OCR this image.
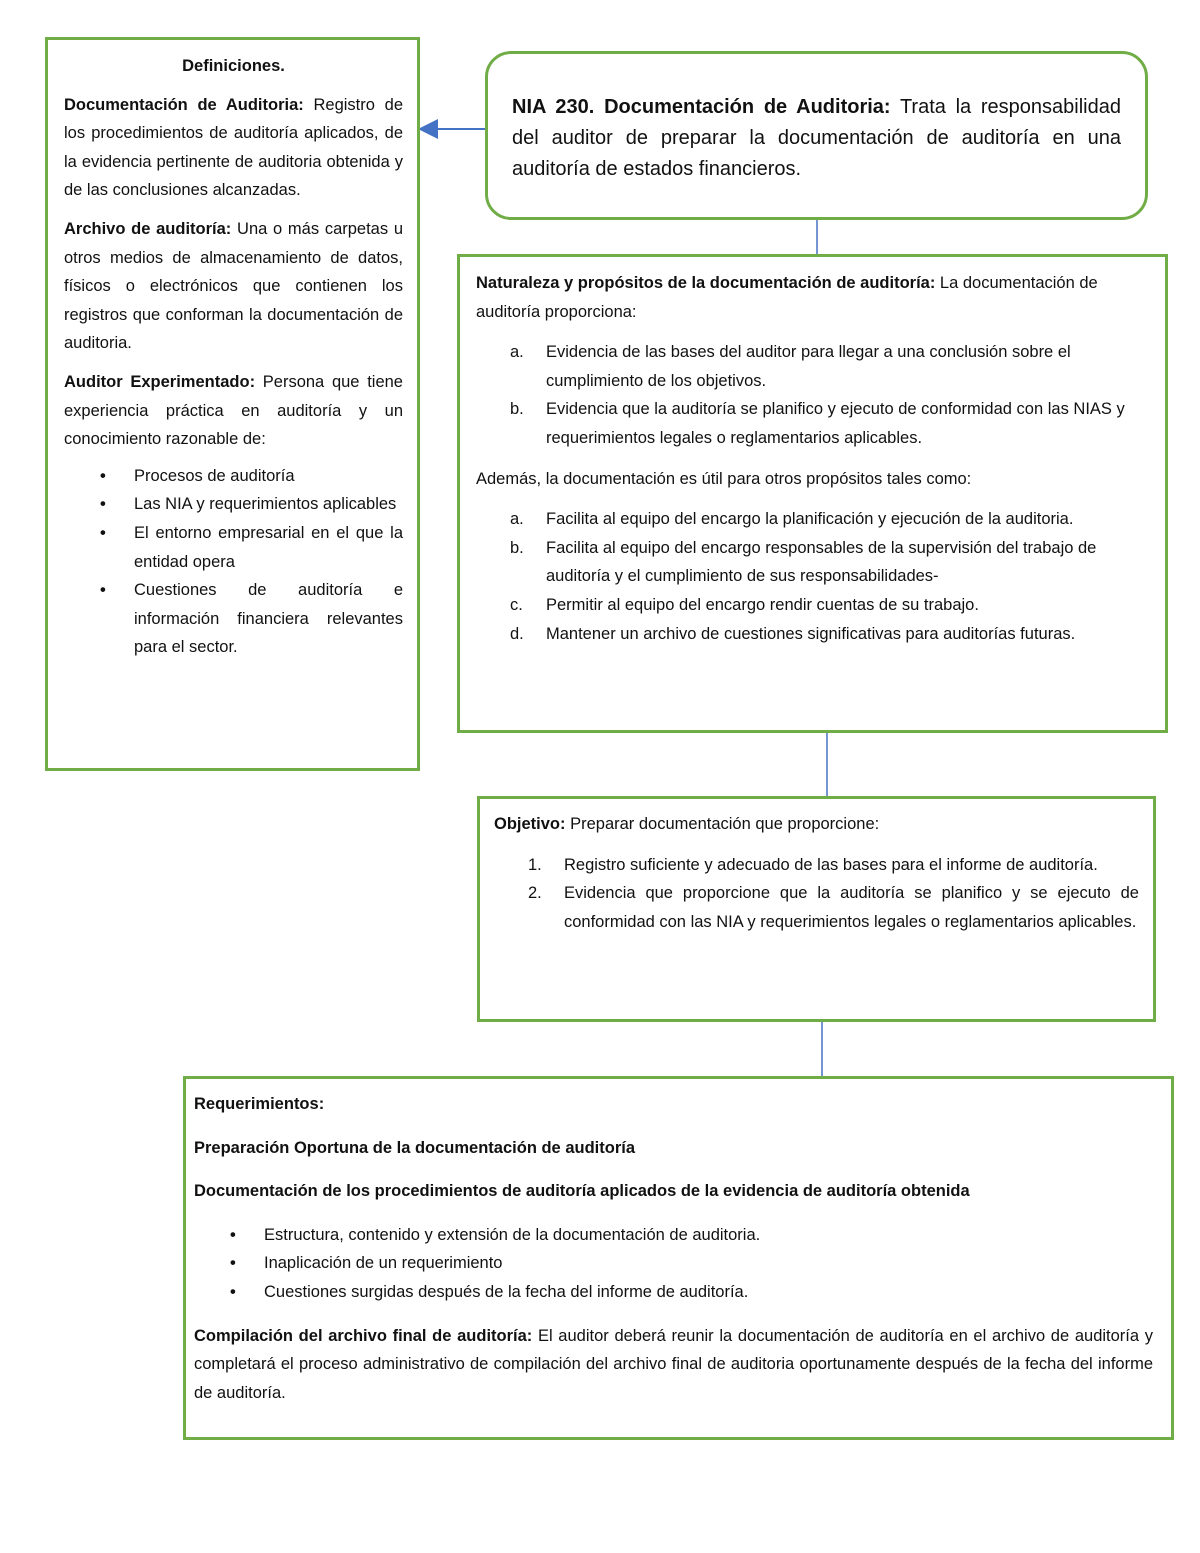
Definiciones.

Documentación de Auditoria: Registro de los procedimientos de auditoría aplicados, de la evidencia pertinente de auditoria obtenida y de las conclusiones alcanzadas.

Archivo de auditoría: Una o más carpetas u otros medios de almacenamiento de datos, físicos o electrónicos que contienen los registros que conforman la documentación de auditoria.

Auditor Experimentado: Persona que tiene experiencia práctica en auditoría y un conocimiento razonable de:

• Procesos de auditoría
• Las NIA y requerimientos aplicables
• El entorno empresarial en el que la entidad opera
• Cuestiones de auditoría e información financiera relevantes para el sector.
NIA 230. Documentación de Auditoria: Trata la responsabilidad del auditor de preparar la documentación de auditoría en una auditoría de estados financieros.

Naturaleza y propósitos de la documentación de auditoría: La documentación de auditoría proporciona:

a. Evidencia de las bases del auditor para llegar a una conclusión sobre el cumplimiento de los objetivos.
b. Evidencia que la auditoría se planifico y ejecuto de conformidad con las NIAS y requerimientos legales o reglamentarios aplicables.

Además, la documentación es útil para otros propósitos tales como:

a. Facilita al equipo del encargo la planificación y ejecución de la auditoria.
b. Facilita al equipo del encargo responsables de la supervisión del trabajo de auditoría y el cumplimiento de sus responsabilidades-
c. Permitir al equipo del encargo rendir cuentas de su trabajo.
d. Mantener un archivo de cuestiones significativas para auditorías futuras.

Objetivo: Preparar documentación que proporcione:

1. Registro suficiente y adecuado de las bases para el informe de auditoría.
2. Evidencia que proporcione que la auditoría se planifico y se ejecuto de conformidad con las NIA y requerimientos legales o reglamentarios aplicables.

Requerimientos:

Preparación Oportuna de la documentación de auditoría

Documentación de los procedimientos de auditoría aplicados de la evidencia de auditoría obtenida

• Estructura, contenido y extensión de la documentación de auditoria.
• Inaplicación de un requerimiento
• Cuestiones surgidas después de la fecha del informe de auditoría.

Compilación del archivo final de auditoría: El auditor deberá reunir la documentación de auditoría en el archivo de auditoría y completará el proceso administrativo de compilación del archivo final de auditoria oportunamente después de la fecha del informe de auditoría.
